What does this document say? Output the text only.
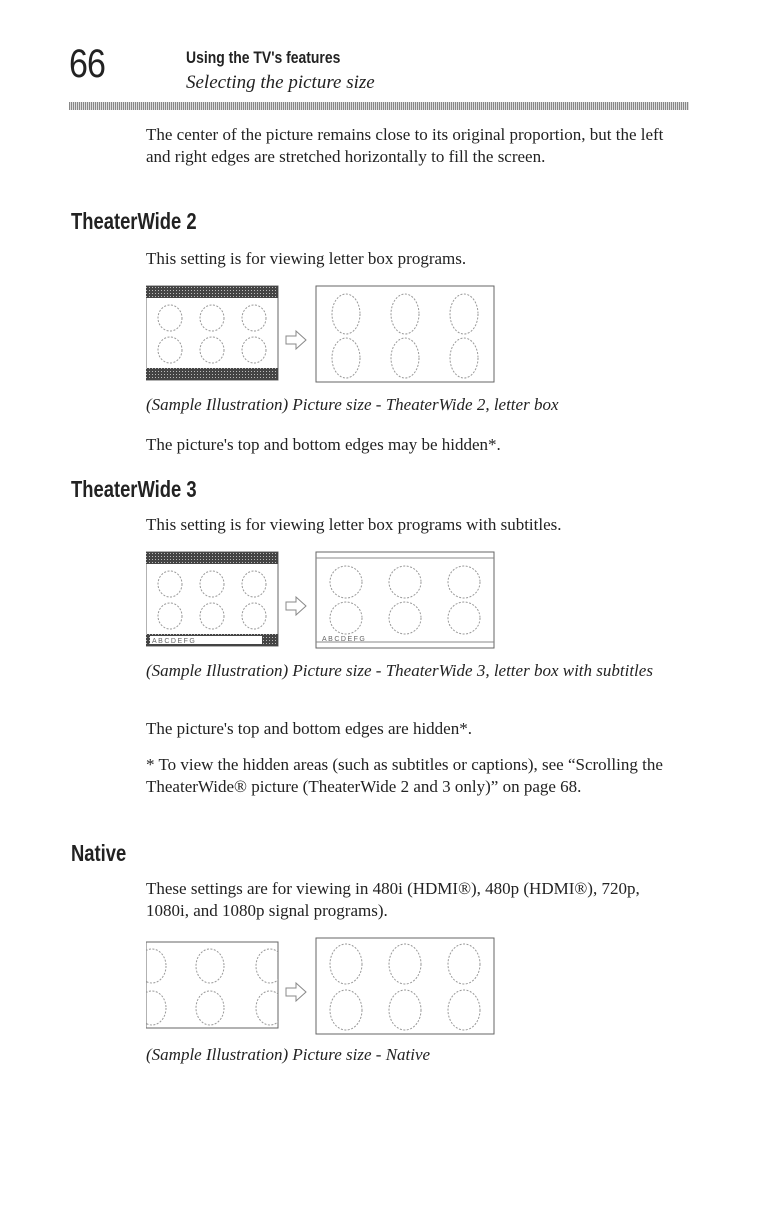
66	Using the TV's features
Selecting the picture size

The center of the picture remains close to its original proportion, but the left and right edges are stretched horizontally to fill the screen.

TheaterWide 2

This setting is for viewing letter box programs.

(Sample Illustration) Picture size - TheaterWide 2, letter box

The picture's top and bottom edges may be hidden*.

TheaterWide 3

This setting is for viewing letter box programs with subtitles.

ABCDEFG	ABCDEFG

(Sample Illustration) Picture size - TheaterWide 3, letter box with subtitles

The picture's top and bottom edges are hidden*.

* To view the hidden areas (such as subtitles or captions), see “Scrolling the TheaterWide® picture (TheaterWide 2 and 3 only)” on page 68.

Native

These settings are for viewing in 480i (HDMI®), 480p (HDMI®), 720p, 1080i, and 1080p signal programs).

(Sample Illustration) Picture size - Native
